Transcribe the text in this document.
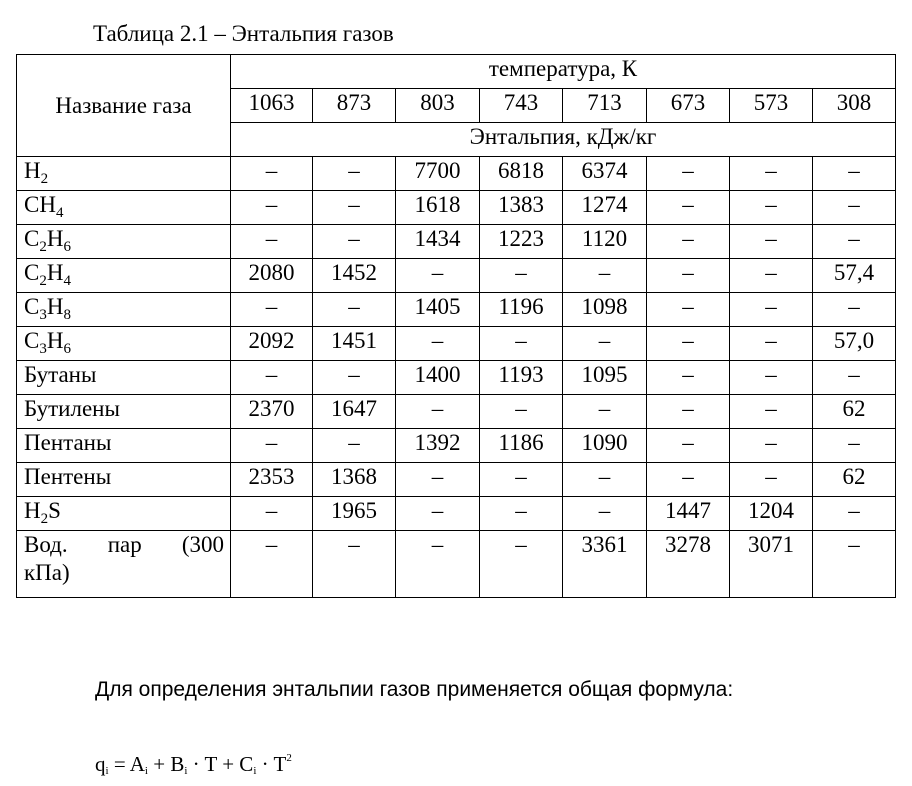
Таблица 2.1 – Энтальпия газов
Название газа	температура, К							
	1063	873	803	743	713	673	573	308
	Энтальпия, кДж/кг							
$H_2$	–	–	7700	6818	6374	–	–	–
$CH_4$	–	–	1618	1383	1274	–	–	–
$C_2H_6$	–	–	1434	1223	1120	–	–	–
$C_2H_4$	2080	1452	–	–	–	–	–	57,4
$C_3H_8$	–	–	1405	1196	1098	–	–	–
$C_3H_6$	2092	1451	–	–	–	–	–	57,0
Бутаны	–	–	1400	1193	1095	–	–	–
Бутилены	2370	1647	–	–	–	–	–	62
Пентаны	–	–	1392	1186	1090	–	–	–
Пентены	2353	1368	–	–	–	–	–	62
$H_2S$	–	1965	–	–	–	1447	1204	–

Вод. пар (300
кПа)	–	–	–	–	3361	3278	3071	–
Для определения энтальпии газов применяется общая формула:
qi = $Ai + Bi \cdot T + Ci \cdot T^2$
